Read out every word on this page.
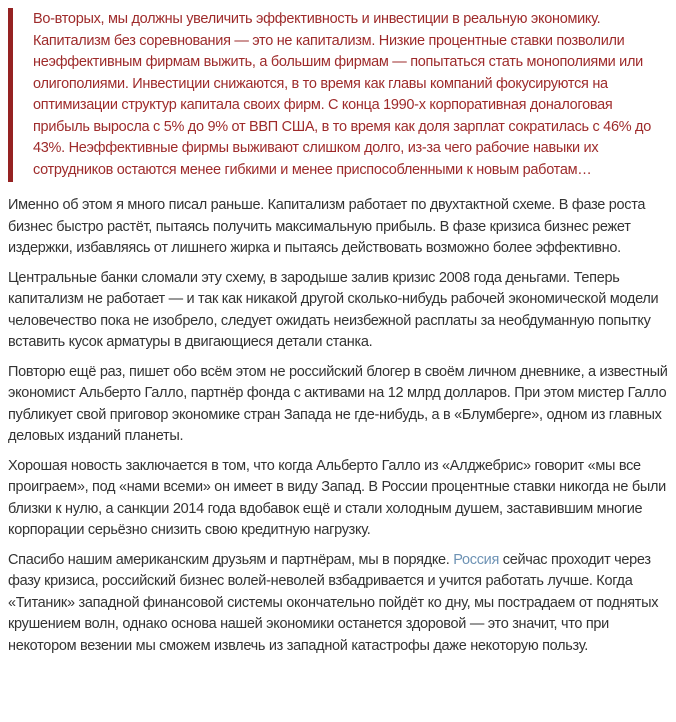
Во-вторых, мы должны увеличить эффективность и инвестиции в реальную экономику. Капитализм без соревнования — это не капитализм. Низкие процентные ставки позволили неэффективным фирмам выжить, а большим фирмам — попытаться стать монополиями или олигополиями. Инвестиции снижаются, в то время как главы компаний фокусируются на оптимизации структур капитала своих фирм. С конца 1990-х корпоративная доналоговая прибыль выросла с 5% до 9% от ВВП США, в то время как доля зарплат сократилась с 46% до 43%. Неэффективные фирмы выживают слишком долго, из-за чего рабочие навыки их сотрудников остаются менее гибкими и менее приспособленными к новым работам…

Именно об этом я много писал раньше. Капитализм работает по двухтактной схеме. В фазе роста бизнес быстро растёт, пытаясь получить максимальную прибыль. В фазе кризиса бизнес режет издержки, избавляясь от лишнего жирка и пытаясь действовать возможно более эффективно.

Центральные банки сломали эту схему, в зародыше залив кризис 2008 года деньгами. Теперь капитализм не работает — и так как никакой другой сколько-нибудь рабочей экономической модели человечество пока не изобрело, следует ожидать неизбежной расплаты за необдуманную попытку вставить кусок арматуры в двигающиеся детали станка.

Повторю ещё раз, пишет обо всём этом не российский блогер в своём личном дневнике, а известный экономист Альберто Галло, партнёр фонда с активами на 12 млрд долларов. При этом мистер Галло публикует свой приговор экономике стран Запада не где-нибудь, а в «Блумберге», одном из главных деловых изданий планеты.

Хорошая новость заключается в том, что когда Альберто Галло из «Алджебрис» говорит «мы все проиграем», под «нами всеми» он имеет в виду Запад. В России процентные ставки никогда не были близки к нулю, а санкции 2014 года вдобавок ещё и стали холодным душем, заставившим многие корпорации серьёзно снизить свою кредитную нагрузку.

Спасибо нашим американским друзьям и партнёрам, мы в порядке. Россия сейчас проходит через фазу кризиса, российский бизнес волей-неволей взбадривается и учится работать лучше. Когда «Титаник» западной финансовой системы окончательно пойдёт ко дну, мы пострадаем от поднятых крушением волн, однако основа нашей экономики останется здоровой — это значит, что при некотором везении мы сможем извлечь из западной катастрофы даже некоторую пользу.
